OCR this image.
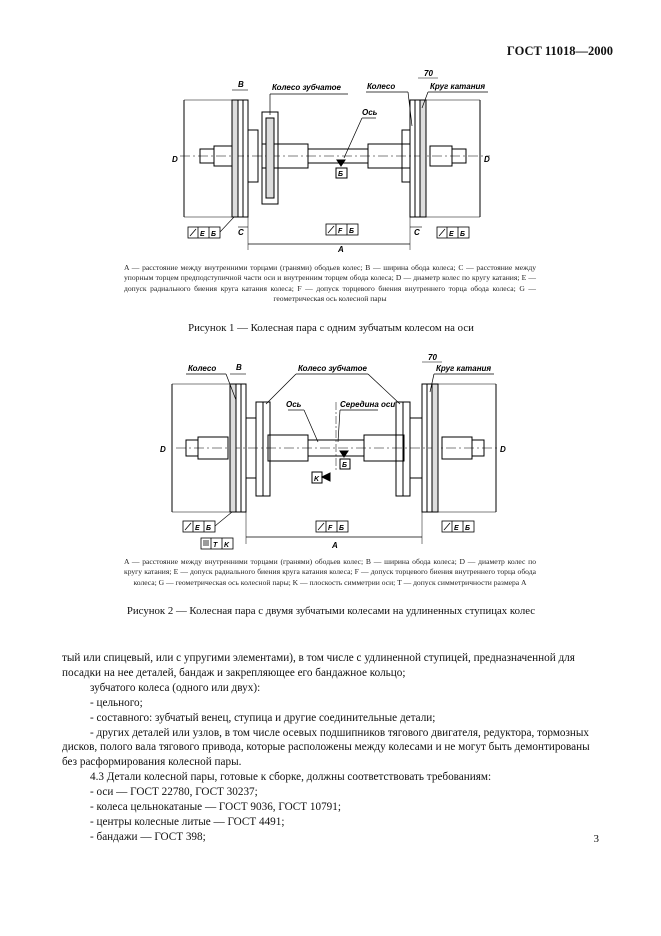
ГОСТ 11018—2000
D	D
Б
Колесо зубчатое
Ось
Колесо	Круг катания
70
B
E Б	C	F Б	C	E Б
A
A — расстояние между внутренними торцами (гранями) ободьев колес; B — ширина обода колеса; C — расстояние между упорным торцем предподступичной части оси и внутренним торцем обода колеса; D — диаметр колес по кругу катания; E — допуск радиального биения круга катания колеса; F — допуск торцевого биения внутреннего торца обода колеса; G — геометрическая ось колесной пары
Рисунок 1 — Колесная пара с одним зубчатым колесом на оси
D	D
Б
K
Колесо	Колесо зубчатое
Ось	Середина оси
Круг катания
70
B
E Б
T K
F Б	E Б
A
A — расстояние между внутренними торцами (гранями) ободьев колес; B — ширина обода колеса; D — диаметр колес по кругу катания; E — допуск радиального биения круга катания колеса; F — допуск торцевого биения внутреннего торца обода колеса; G — геометрическая ось колесной пары; K — плоскость симметрии оси; T — допуск симметричности размера A
Рисунок 2 — Колесная пара с двумя зубчатыми колесами на удлиненных ступицах колес

тый или спицевый, или с упругими элементами), в том числе с удлиненной ступицей, предназначенной для посадки на нее деталей, бандаж и закрепляющее его бандажное кольцо;

зубчатого колеса (одного или двух):

- цельного;

- составного: зубчатый венец, ступица и другие соединительные детали;

- других деталей или узлов, в том числе осевых подшипников тягового двигателя, редуктора, тормозных дисков, полого вала тягового привода, которые расположены между колесами и не могут быть демонтированы без расформирования колесной пары.

4.3 Детали колесной пары, готовые к сборке, должны соответствовать требованиям:

- оси — ГОСТ 22780, ГОСТ 30237;

- колеса цельнокатаные — ГОСТ 9036, ГОСТ 10791;

- центры колесные литые — ГОСТ 4491;

- бандажи — ГОСТ 398;	3
